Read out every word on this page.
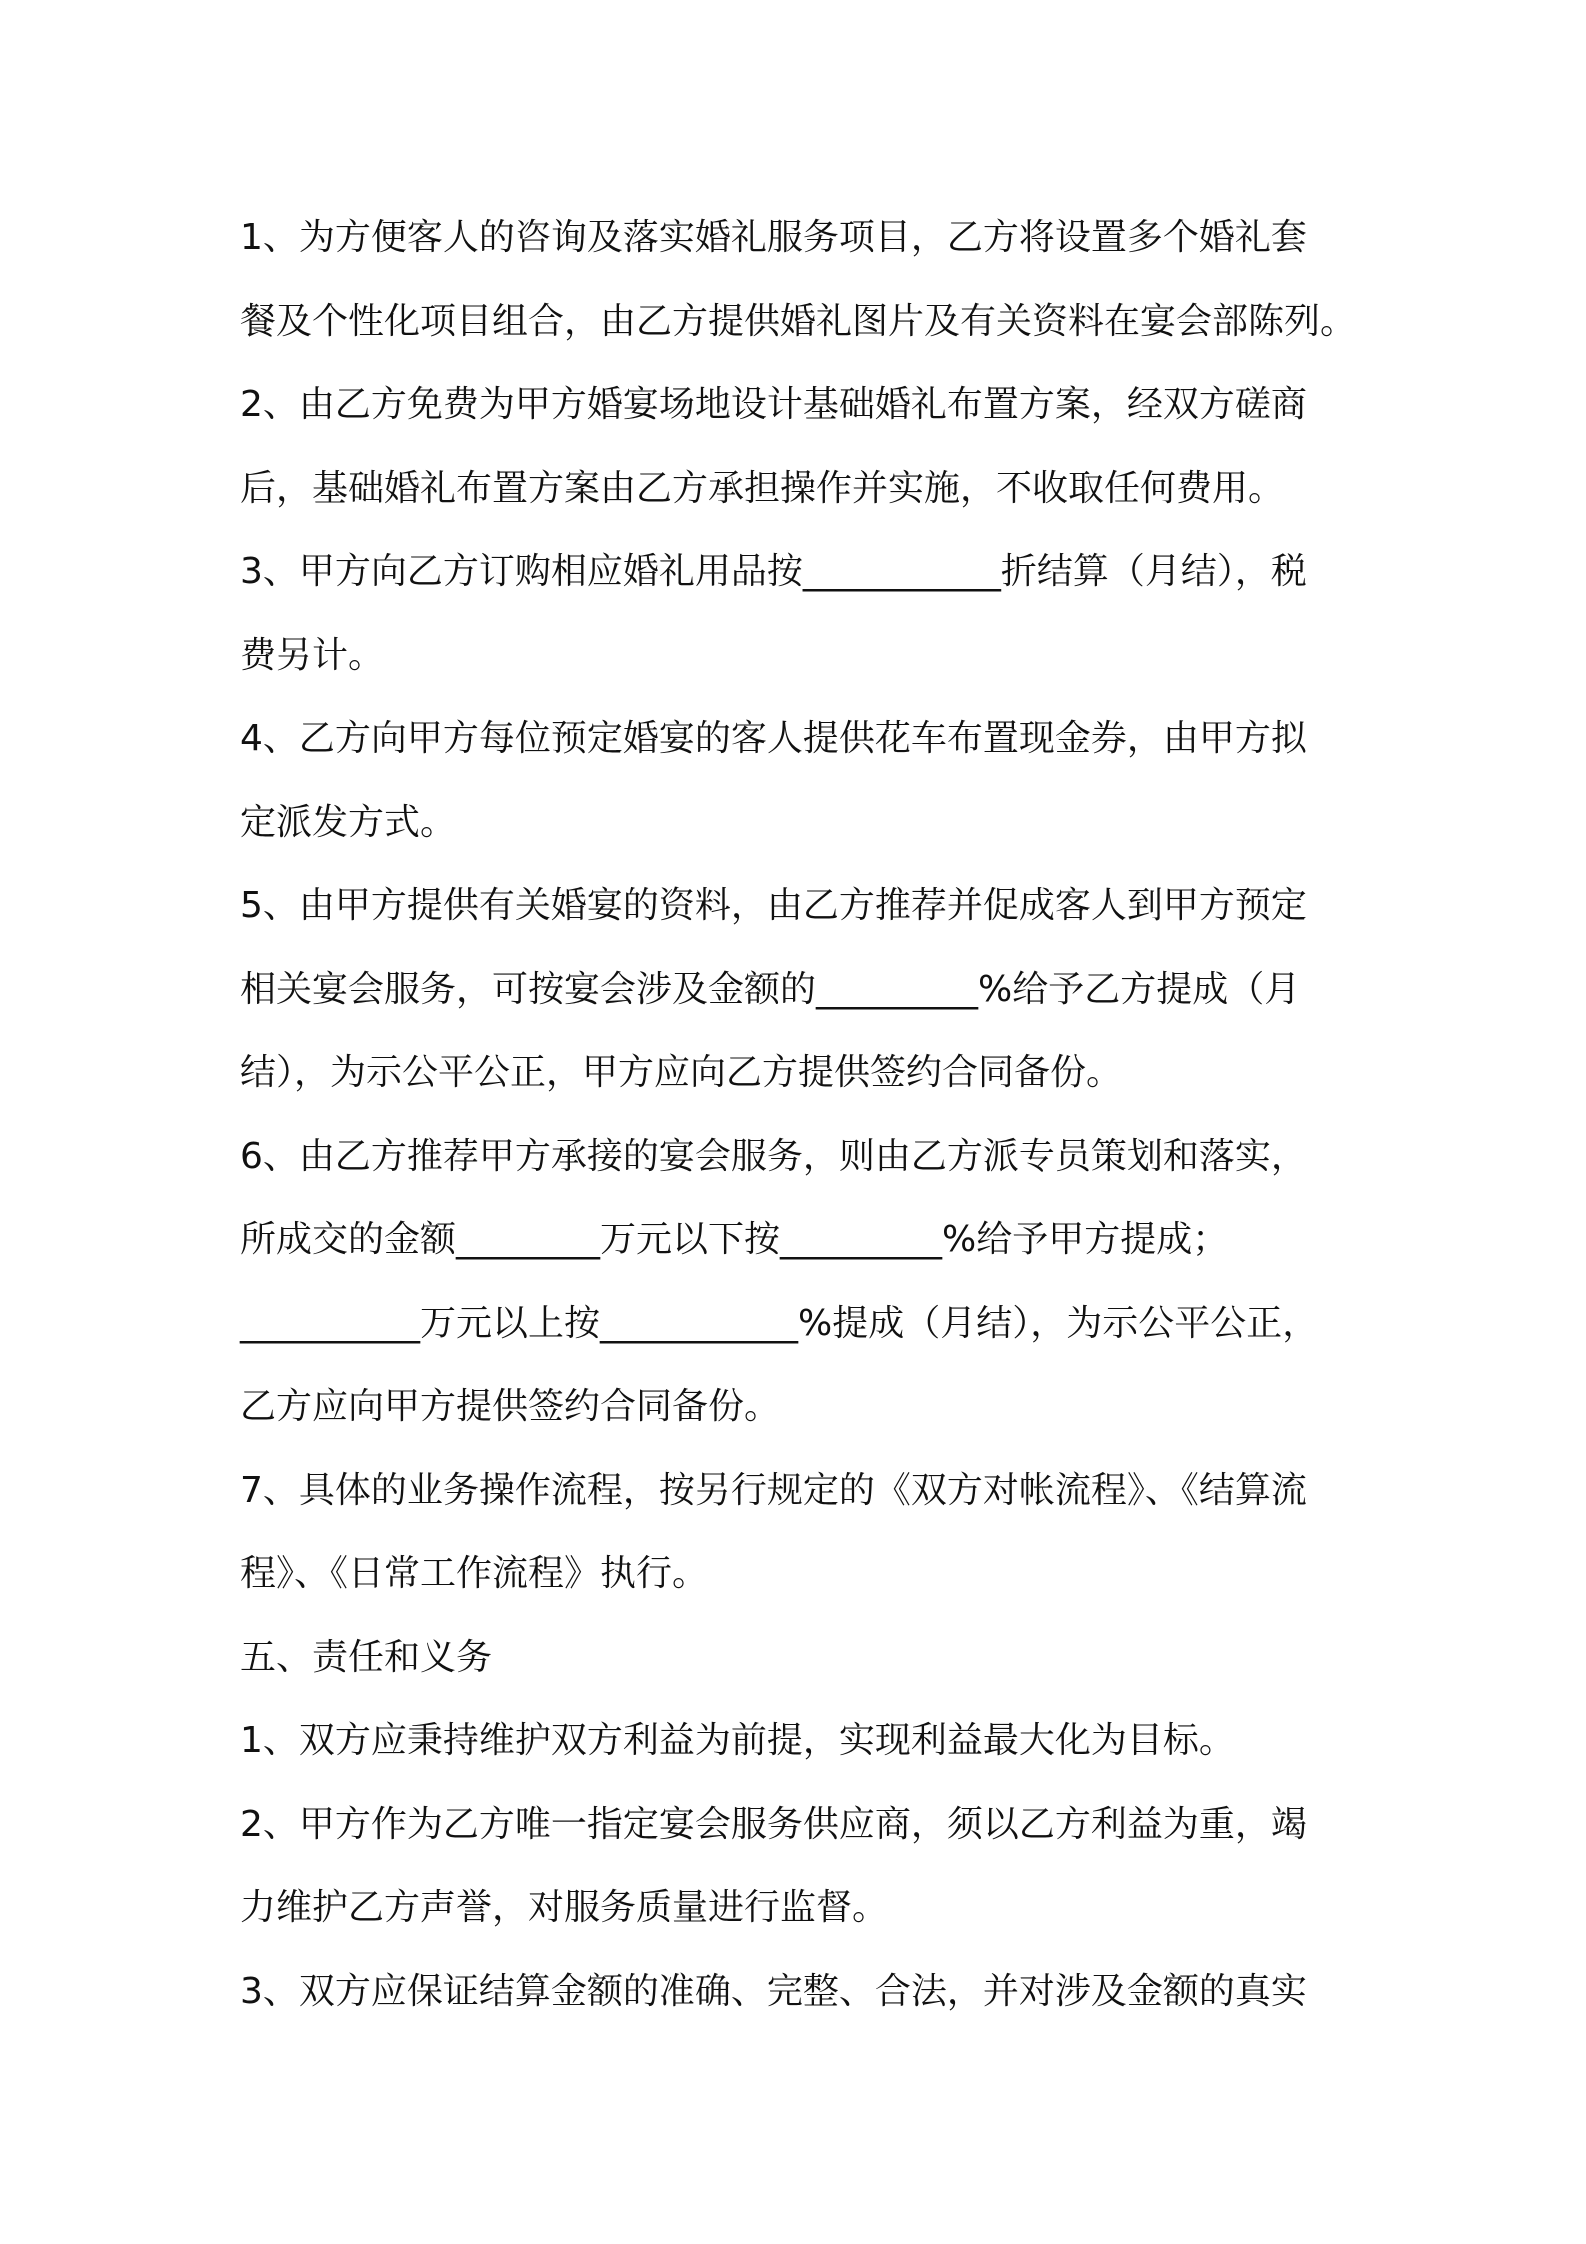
1、为方便客人的咨询及落实婚礼服务项目，乙方将设置多个婚礼套

餐及个性化项目组合，由乙方提供婚礼图片及有关资料在宴会部陈列。

2、由乙方免费为甲方婚宴场地设计基础婚礼布置方案，经双方磋商

后，基础婚礼布置方案由乙方承担操作并实施，不收取任何费用。

3、甲方向乙方订购相应婚礼用品按___________折结算（月结），税

费另计。

4、乙方向甲方每位预定婚宴的客人提供花车布置现金券，由甲方拟

定派发方式。

5、由甲方提供有关婚宴的资料，由乙方推荐并促成客人到甲方预定

相关宴会服务，可按宴会涉及金额的_________%给予乙方提成（月

结），为示公平公正，甲方应向乙方提供签约合同备份。

6、由乙方推荐甲方承接的宴会服务，则由乙方派专员策划和落实，

所成交的金额________万元以下按_________%给予甲方提成；

__________万元以上按___________%提成（月结），为示公平公正，

乙方应向甲方提供签约合同备份。

7、具体的业务操作流程，按另行规定的《双方对帐流程》、《结算流

程》、《日常工作流程》执行。

五、责任和义务

1、双方应秉持维护双方利益为前提，实现利益最大化为目标。

2、甲方作为乙方唯一指定宴会服务供应商，须以乙方利益为重，竭

力维护乙方声誉，对服务质量进行监督。

3、双方应保证结算金额的准确、完整、合法，并对涉及金额的真实
